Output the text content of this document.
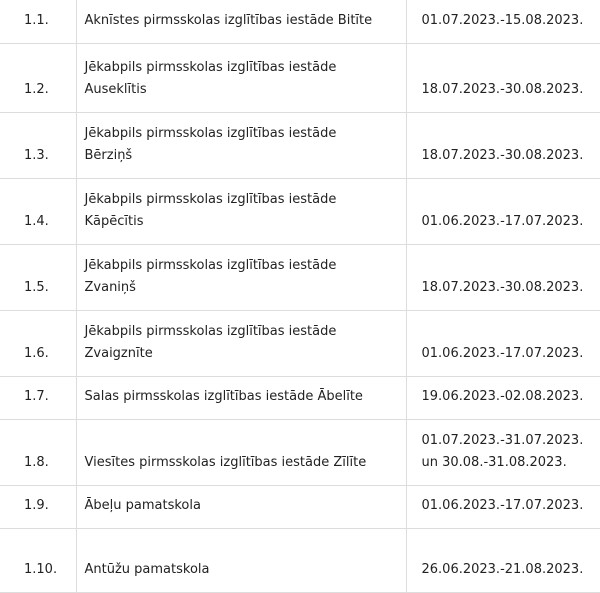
1.1.	Aknīstes pirmsskolas izglītības iestāde Bitīte	01.07.2023.-15.08.2023.

1.2.	Jēkabpils pirmsskolas izglītības iestāde
Auseklītis	18.07.2023.-30.08.2023.

1.3.	Jēkabpils pirmsskolas izglītības iestāde
Bērziņš	18.07.2023.-30.08.2023.

1.4.	Jēkabpils pirmsskolas izglītības iestāde
Kāpēcītis	01.06.2023.-17.07.2023.

1.5.	Jēkabpils pirmsskolas izglītības iestāde
Zvaniņš	18.07.2023.-30.08.2023.

1.6.	Jēkabpils pirmsskolas izglītības iestāde
Zvaigznīte	01.06.2023.-17.07.2023.

1.7.	Salas pirmsskolas izglītības iestāde Ābelīte	19.06.2023.-02.08.2023.

1.8.	Viesītes pirmsskolas izglītības iestāde Zīlīte	01.07.2023.-31.07.2023.
un 30.08.-31.08.2023.

1.9.	Ābeļu pamatskola	01.06.2023.-17.07.2023.

1.10.	Antūžu pamatskola	26.06.2023.-21.08.2023.
